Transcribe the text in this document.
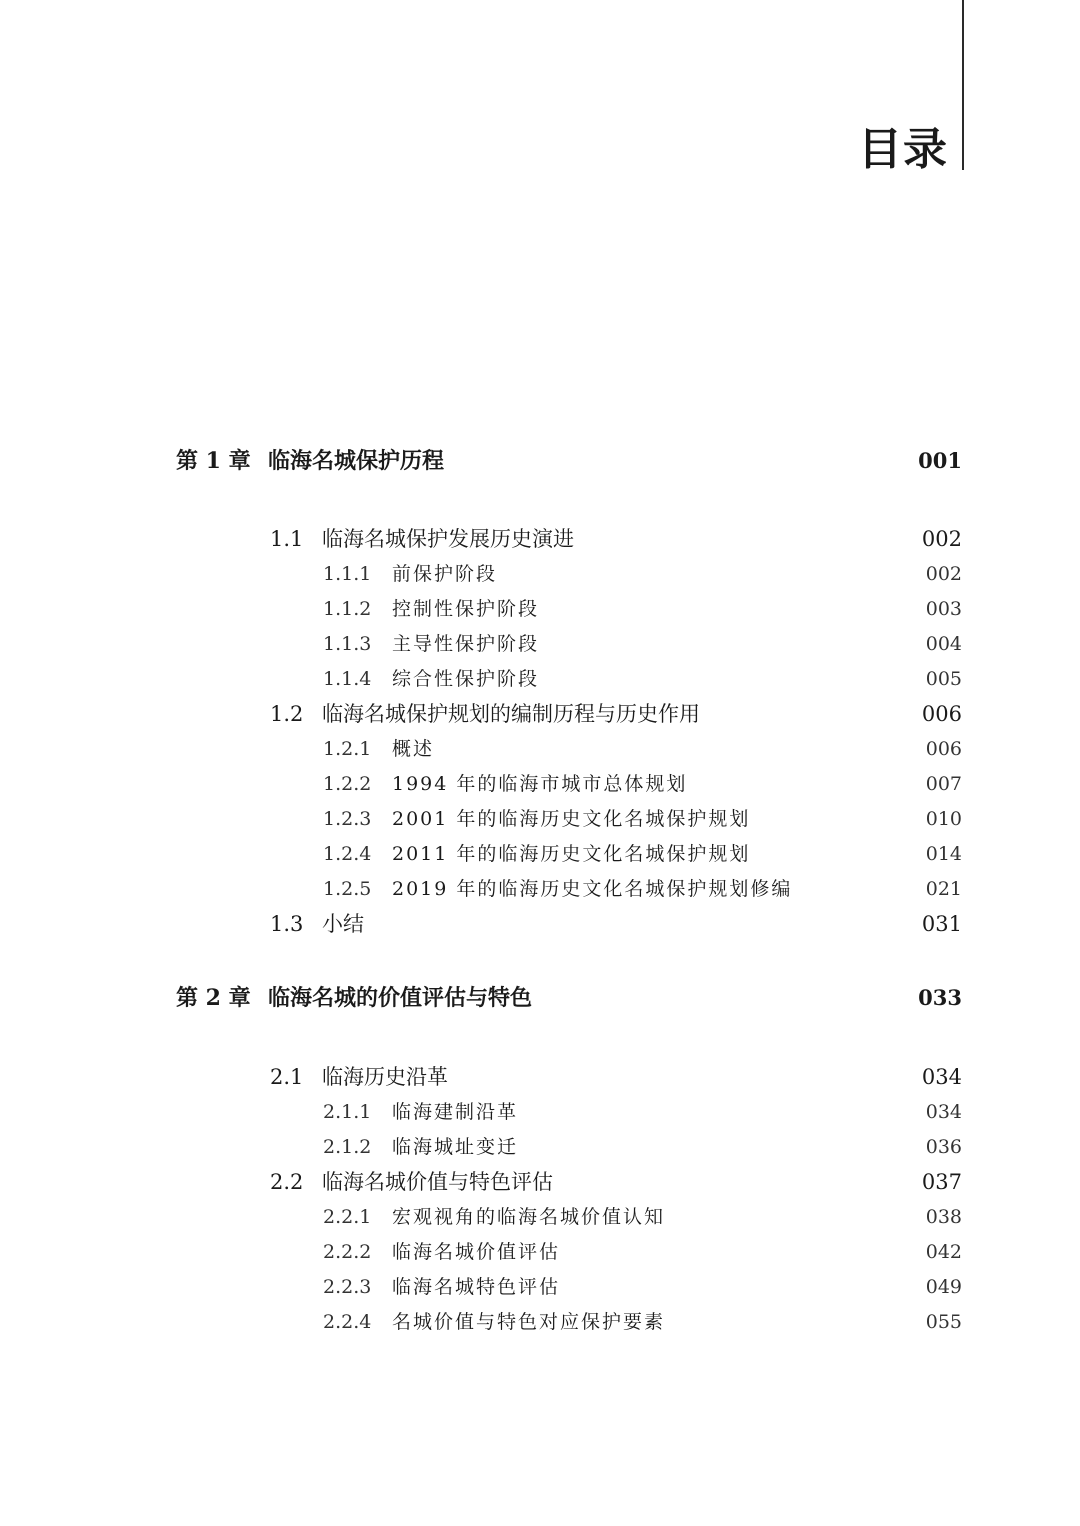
目录
第 1 章 临海名城保护历程	001
1.1 临海名城保护发展历史演进	002
1.1.1 前保护阶段	002
1.1.2 控制性保护阶段	003
1.1.3 主导性保护阶段	004
1.1.4 综合性保护阶段	005
1.2 临海名城保护规划的编制历程与历史作用	006
1.2.1 概述	006
1.2.2 1994 年的临海市城市总体规划	007
1.2.3 2001 年的临海历史文化名城保护规划	010
1.2.4 2011 年的临海历史文化名城保护规划	014
1.2.5 2019 年的临海历史文化名城保护规划修编	021
1.3 小结	031
第 2 章 临海名城的价值评估与特色	033
2.1 临海历史沿革	034
2.1.1 临海建制沿革	034
2.1.2 临海城址变迁	036
2.2 临海名城价值与特色评估	037
2.2.1 宏观视角的临海名城价值认知	038
2.2.2 临海名城价值评估	042
2.2.3 临海名城特色评估	049
2.2.4 名城价值与特色对应保护要素	055
